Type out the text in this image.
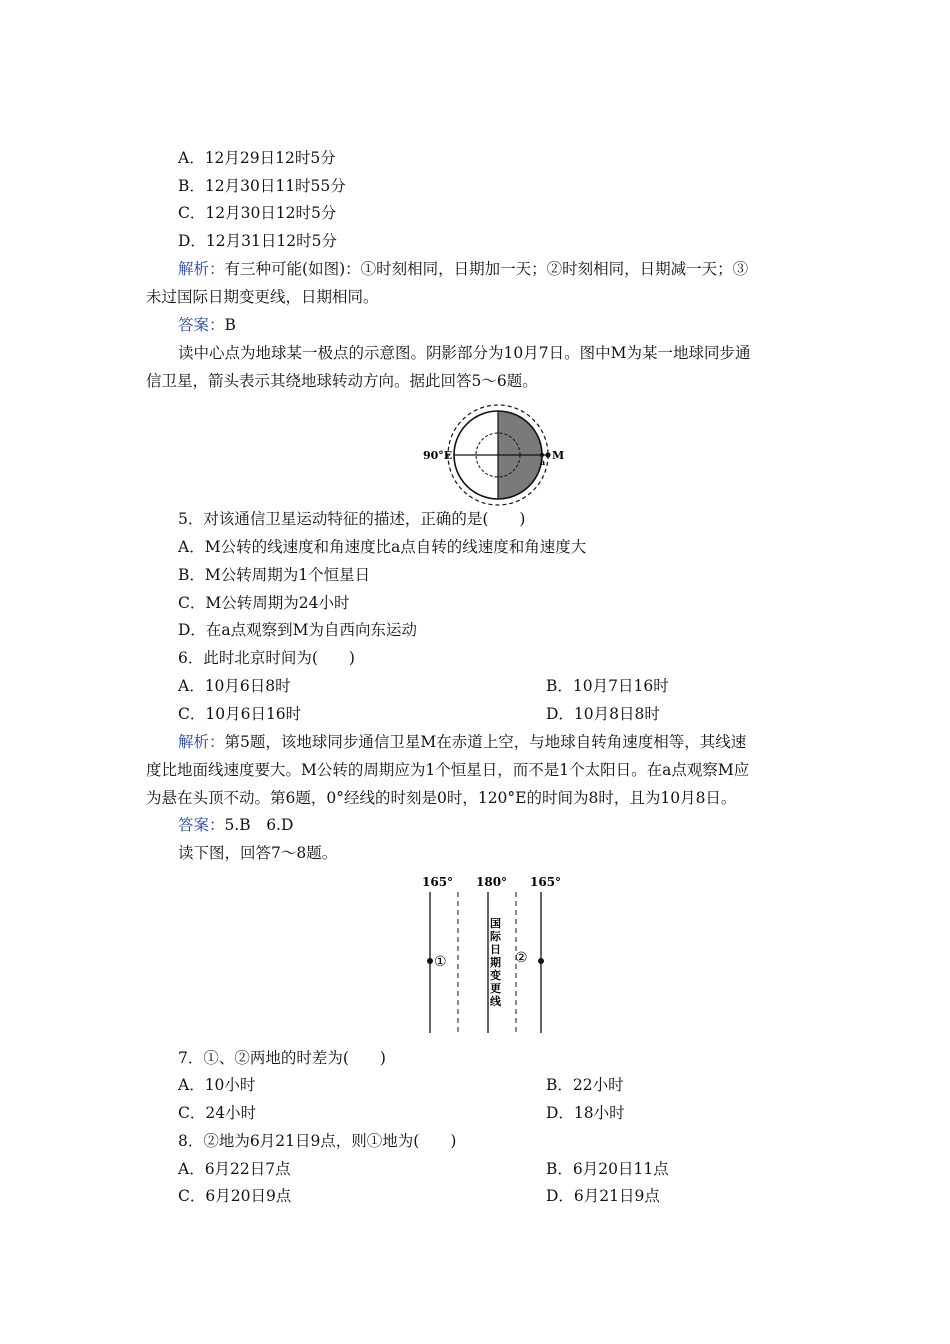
A．12月29日12时5分
B．12月30日11时55分
C．12月30日12时5分
D．12月31日12时5分
解析：有三种可能(如图)：①时刻相同，日期加一天；②时刻相同，日期减一天；③
未过国际日期变更线，日期相同。
答案：B
读中心点为地球某一极点的示意图。阴影部分为10月7日。图中M为某一地球同步通
信卫星，箭头表示其绕地球转动方向。据此回答5～6题。
90°E	a M
5．对该通信卫星运动特征的描述，正确的是(　　)
A．M公转的线速度和角速度比a点自转的线速度和角速度大
B．M公转周期为1个恒星日
C．M公转周期为24小时
D．在a点观察到M为自西向东运动
6．此时北京时间为(　　)
A．10月6日8时	B．10月7日16时
C．10月6日16时	D．10月8日8时
解析：第5题，该地球同步通信卫星M在赤道上空，与地球自转角速度相等，其线速
度比地面线速度要大。M公转的周期应为1个恒星日，而不是1个太阳日。在a点观察M应
为悬在头顶不动。第6题，0°经线的时刻是0时，120°E的时间为8时，且为10月8日。
答案：5.B　6.D
读下图，回答7～8题。
165° 180° 165°
①	②
国
际
日
期
变
更
线
7．①、②两地的时差为(　　)
A．10小时	B．22小时
C．24小时	D．18小时
8．②地为6月21日9点，则①地为(　　)
A．6月22日7点	B．6月20日11点
C．6月20日9点	D．6月21日9点
